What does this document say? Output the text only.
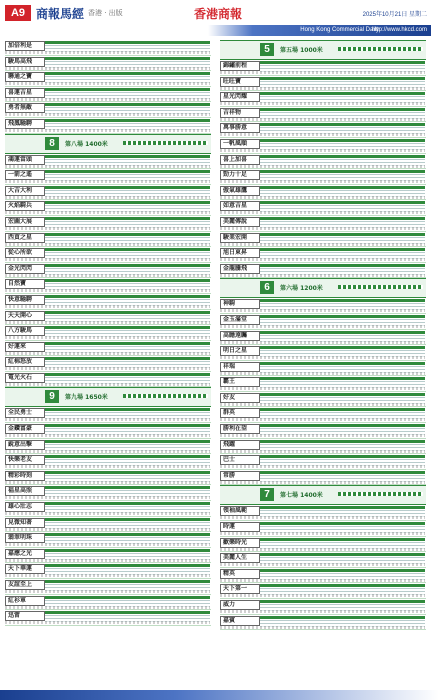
A9 商報馬經 香港 · 出版	香港商報	2025年10月21日 星期二
Hong Kong Commercial Daily
http://www.hkcd.com
加倍利是
駿馬高飛
聯通之寶
喜運吉星
勇者無敵
飛鳳馳騁
8	第八場 1400米
鴻運當頭
一箭之遙
大吉大利
火焰騎兵
宏圖大展
西貢之星
從心所欲
金光閃閃
自然寶
快意馳騁
天天開心
八方駿馬
好運來
紅棉怒放
電光火石
9	第九場 1650米
全民勇士
金鑽富豪
銳意出擊
快樂老友
精彩時刻
福星高照
雄心壯志
見微知著
翡翠明珠
嘉應之光
天下華運
友誼至上
紅衫軍
迅雷
5	第五場 1000米
錦繡前程
旺旺寶
星光閃耀
吉祥物
萬事勝意
一帆風順
喜上加喜
勁力十足
傲氣雄鷹
如意吉星
美麗傳說
駿業宏開
旭日東昇
金龍騰飛
6	第六場 1200米
神駒
金玉滿堂
高瞻遠矚
明日之星
祥瑞
霸王
好友
群英
勝利在望
飛躍
巴士
常勝
7	第七場 1400米
領袖風範
時運
歡樂時光
美麗人生
精英
天下第一
威力
嘉賓
